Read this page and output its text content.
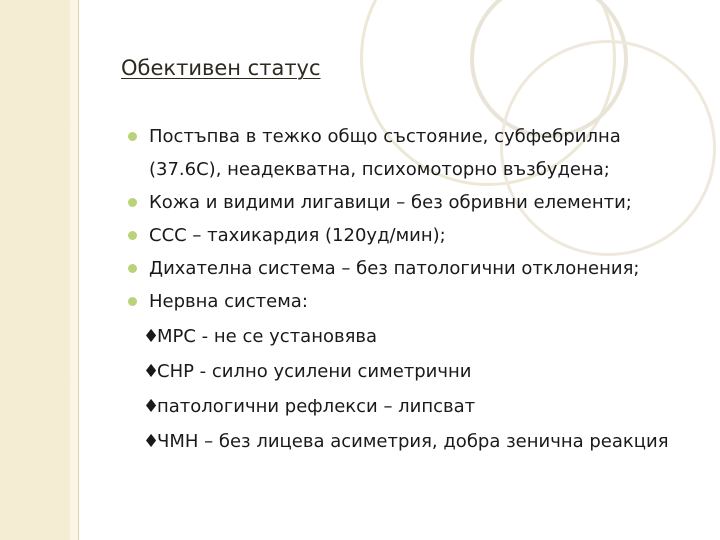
Обективен статус
Постъпва в тежко общо състояние, субфебрилна (37.6С), неадекватна, психомоторно възбудена;
Кожа и видими лигавици – без обривни елементи;
ССС – тахикардия (120уд/мин);
Дихателна система – без патологични отклонения;
Нервна система:
♦МРС - не се установява
♦СНР - силно усилени симетрични
♦патологични рефлекси – липсват
♦ЧМН – без лицева асиметрия, добра зенична реакция
